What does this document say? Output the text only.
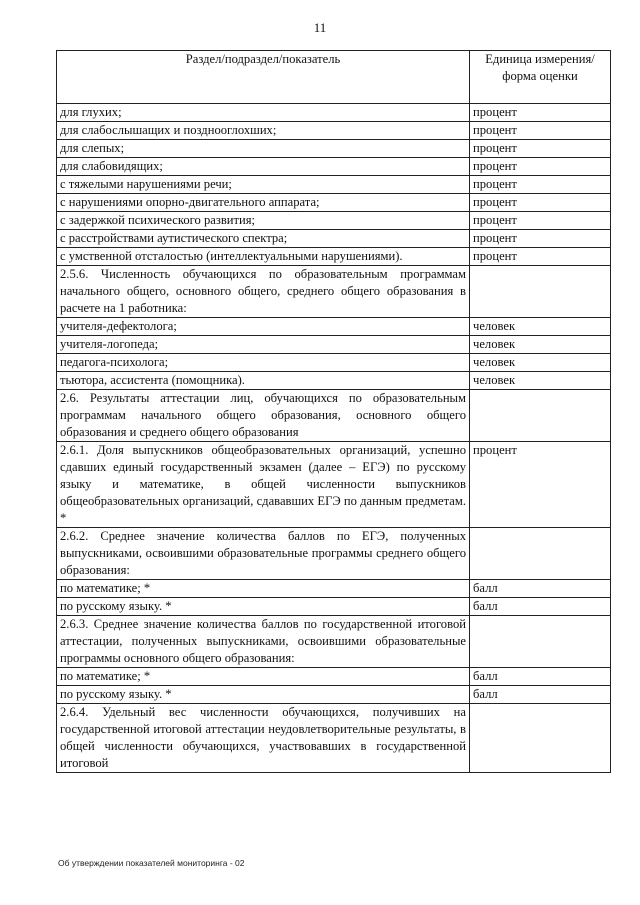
11
Раздел/подраздел/показатель	Единица измерения/ форма оценки
для глухих;	процент
для слабослышащих и позднооглохших;	процент
для слепых;	процент
для слабовидящих;	процент
с тяжелыми нарушениями речи;	процент
с нарушениями опорно-двигательного аппарата;	процент
с задержкой психического развития;	процент
с расстройствами аутистического спектра;	процент
с умственной отсталостью (интеллектуальными нарушениями).	процент
2.5.6. Численность обучающихся по образовательным программам начального общего, основного общего, среднего общего образования в расчете на 1 работника:	
учителя-дефектолога;	человек
учителя-логопеда;	человек
педагога-психолога;	человек
тьютора, ассистента (помощника).	человек
2.6. Результаты аттестации лиц, обучающихся по образовательным программам начального общего образования, основного общего образования и среднего общего образования	
2.6.1. Доля выпускников общеобразовательных организаций, успешно сдавших единый государственный экзамен (далее – ЕГЭ) по русскому языку и математике, в общей численности выпускников общеобразовательных организаций, сдававших ЕГЭ по данным предметам. *	процент
2.6.2. Среднее значение количества баллов по ЕГЭ, полученных выпускниками, освоившими образовательные программы среднего общего образования:	
по математике; *	балл
по русскому языку. *	балл
2.6.3. Среднее значение количества баллов по государственной итоговой аттестации, полученных выпускниками, освоившими образовательные программы основного общего образования:	
по математике; *	балл
по русскому языку. *	балл
2.6.4. Удельный вес численности обучающихся, получивших на государственной итоговой аттестации неудовлетворительные результаты, в общей численности обучающихся, участвовавших в государственной итоговой	
Об утверждении показателей мониторинга - 02
